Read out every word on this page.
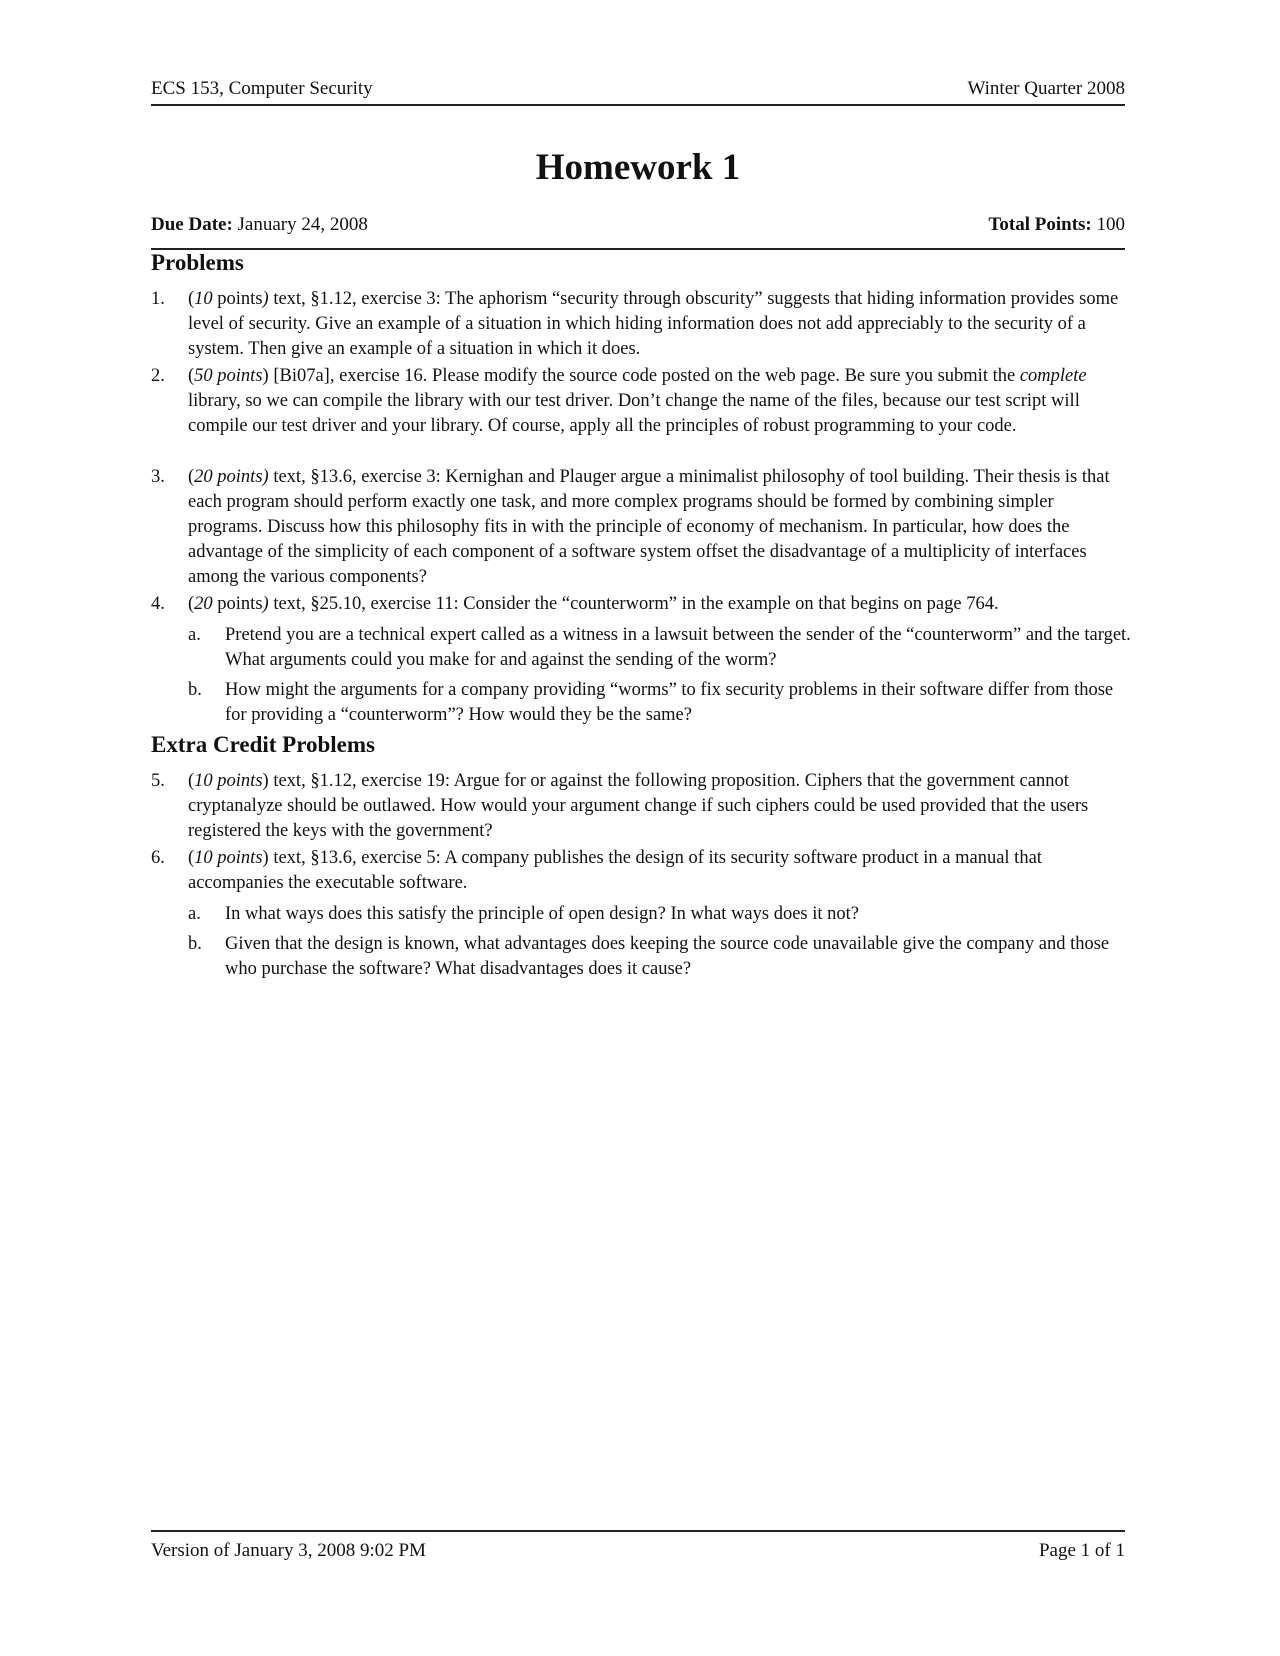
ECS 153, Computer Security	Winter Quarter 2008
Homework 1
Due Date: January 24, 2008	Total Points: 100
Problems
1. (10 points) text, §1.12, exercise 3: The aphorism “security through obscurity” suggests that hiding information provides some level of security. Give an example of a situation in which hiding information does not add appreciably to the security of a system. Then give an example of a situation in which it does.
2. (50 points) [Bi07a], exercise 16. Please modify the source code posted on the web page. Be sure you submit the complete library, so we can compile the library with our test driver. Don’t change the name of the files, because our test script will compile our test driver and your library. Of course, apply all the principles of robust programming to your code.
3. (20 points) text, §13.6, exercise 3: Kernighan and Plauger argue a minimalist philosophy of tool building. Their thesis is that each program should perform exactly one task, and more complex programs should be formed by combining simpler programs. Discuss how this philosophy fits in with the principle of economy of mechanism. In particular, how does the advantage of the simplicity of each component of a software system offset the disadvantage of a multiplicity of interfaces among the various components?
4. (20 points) text, §25.10, exercise 11: Consider the “counterworm” in the example on that begins on page 764.
a. Pretend you are a technical expert called as a witness in a lawsuit between the sender of the “counterworm” and the target. What arguments could you make for and against the sending of the worm?
b. How might the arguments for a company providing “worms” to fix security problems in their software differ from those for providing a “counterworm”? How would they be the same?
Extra Credit Problems
5. (10 points) text, §1.12, exercise 19: Argue for or against the following proposition. Ciphers that the government cannot cryptanalyze should be outlawed. How would your argument change if such ciphers could be used provided that the users registered the keys with the government?
6. (10 points) text, §13.6, exercise 5: A company publishes the design of its security software product in a manual that accompanies the executable software.
a. In what ways does this satisfy the principle of open design? In what ways does it not?
b. Given that the design is known, what advantages does keeping the source code unavailable give the company and those who purchase the software? What disadvantages does it cause?
Version of January 3, 2008 9:02 PM	Page 1 of 1
